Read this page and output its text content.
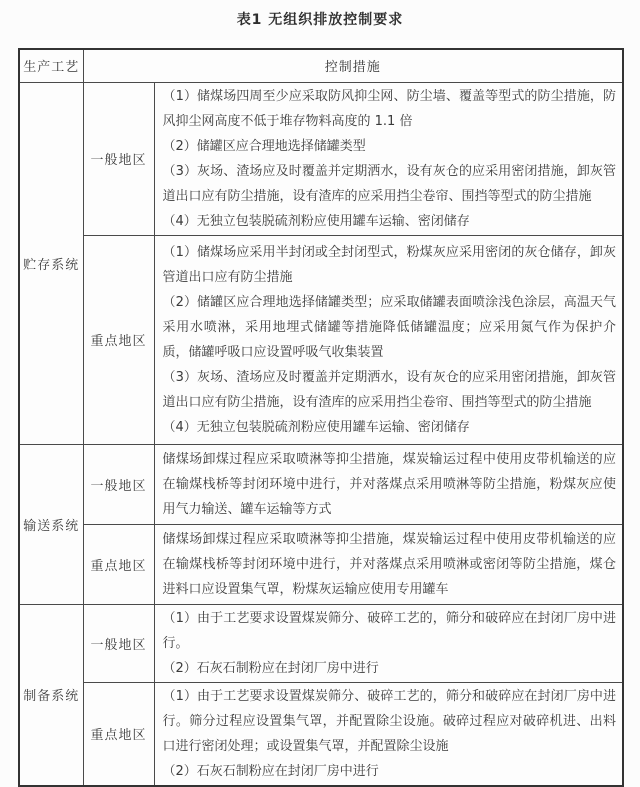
表1 无组织排放控制要求
生产工艺	控制措施	
贮存系统	一般地区	（1）储煤场四周至少应采取防风抑尘网、防尘墙、覆盖等型式的防尘措施，防风抑尘网高度不低于堆存物料高度的 1.1 倍

（2）储罐区应合理地选择储罐类型

（3）灰场、渣场应及时覆盖并定期洒水，设有灰仓的应采用密闭措施，卸灰管道出口应有防尘措施，设有渣库的应采用挡尘卷帘、围挡等型式的防尘措施

（4）无独立包装脱硫剂粉应使用罐车运输、密闭储存

	重点地区	（1）储煤场应采用半封闭或全封闭型式，粉煤灰应采用密闭的灰仓储存，卸灰管道出口应有防尘措施

（2）储罐区应合理地选择储罐类型；应采取储罐表面喷涂浅色涂层，高温天气采用水喷淋，采用地埋式储罐等措施降低储罐温度；应采用氮气作为保护介质，储罐呼吸口应设置呼吸气收集装置

（3）灰场、渣场应及时覆盖并定期洒水，设有灰仓的应采用密闭措施，卸灰管道出口应有防尘措施，设有渣库的应采用挡尘卷帘、围挡等型式的防尘措施

（4）无独立包装脱硫剂粉应使用罐车运输、密闭储存

输送系统	一般地区	储煤场卸煤过程应采取喷淋等抑尘措施，煤炭输运过程中使用皮带机输送的应在输煤栈桥等封闭环境中进行，并对落煤点采用喷淋等防尘措施，粉煤灰应使用气力输送、罐车运输等方式

	重点地区	储煤场卸煤过程应采取喷淋等抑尘措施，煤炭输运过程中使用皮带机输送的应在输煤栈桥等封闭环境中进行，并对落煤点采用喷淋或密闭等防尘措施，煤仓进料口应设置集气罩，粉煤灰运输应使用专用罐车

制备系统	一般地区	（1）由于工艺要求设置煤炭筛分、破碎工艺的，筛分和破碎应在封闭厂房中进行。

（2）石灰石制粉应在封闭厂房中进行

	重点地区	（1）由于工艺要求设置煤炭筛分、破碎工艺的，筛分和破碎应在封闭厂房中进行。筛分过程应设置集气罩，并配置除尘设施。破碎过程应对破碎机进、出料口进行密闭处理；或设置集气罩，并配置除尘设施

（2）石灰石制粉应在封闭厂房中进行
